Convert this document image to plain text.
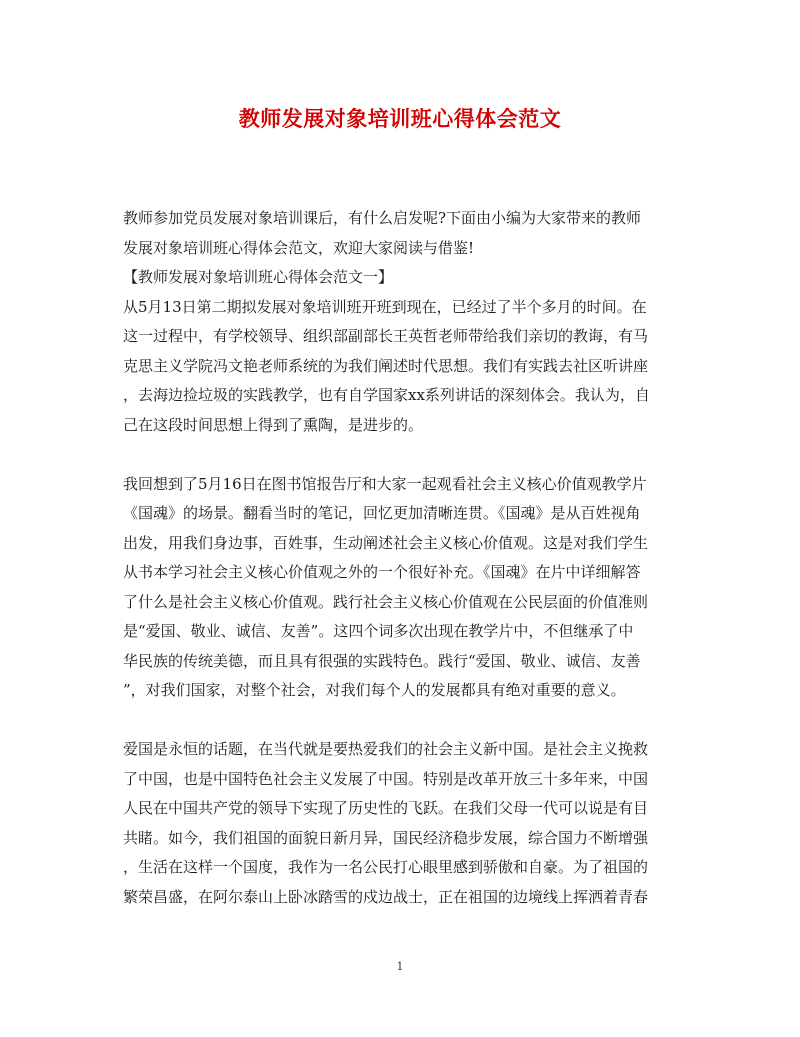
教师发展对象培训班心得体会范文
教师参加党员发展对象培训课后，有什么启发呢?下面由小编为大家带来的教师
发展对象培训班心得体会范文，欢迎大家阅读与借鉴!
【教师发展对象培训班心得体会范文一】
从5月13日第二期拟发展对象培训班开班到现在，已经过了半个多月的时间。在
这一过程中，有学校领导、组织部副部长王英哲老师带给我们亲切的教诲，有马
克思主义学院冯文艳老师系统的为我们阐述时代思想。我们有实践去社区听讲座
，去海边捡垃圾的实践教学，也有自学国家xx系列讲话的深刻体会。我认为，自
己在这段时间思想上得到了熏陶，是进步的。
我回想到了5月16日在图书馆报告厅和大家一起观看社会主义核心价值观教学片
《国魂》的场景。翻看当时的笔记，回忆更加清晰连贯。《国魂》是从百姓视角
出发，用我们身边事，百姓事，生动阐述社会主义核心价值观。这是对我们学生
从书本学习社会主义核心价值观之外的一个很好补充。《国魂》在片中详细解答
了什么是社会主义核心价值观。践行社会主义核心价值观在公民层面的价值准则
是“爱国、敬业、诚信、友善”。这四个词多次出现在教学片中，不但继承了中
华民族的传统美德，而且具有很强的实践特色。践行“爱国、敬业、诚信、友善
”，对我们国家，对整个社会，对我们每个人的发展都具有绝对重要的意义。
爱国是永恒的话题，在当代就是要热爱我们的社会主义新中国。是社会主义挽救
了中国，也是中国特色社会主义发展了中国。特别是改革开放三十多年来，中国
人民在中国共产党的领导下实现了历史性的飞跃。在我们父母一代可以说是有目
共睹。如今，我们祖国的面貌日新月异，国民经济稳步发展，综合国力不断增强
，生活在这样一个国度，我作为一名公民打心眼里感到骄傲和自豪。为了祖国的
繁荣昌盛，在阿尔泰山上卧冰踏雪的戍边战士，正在祖国的边境线上挥洒着青春
1
